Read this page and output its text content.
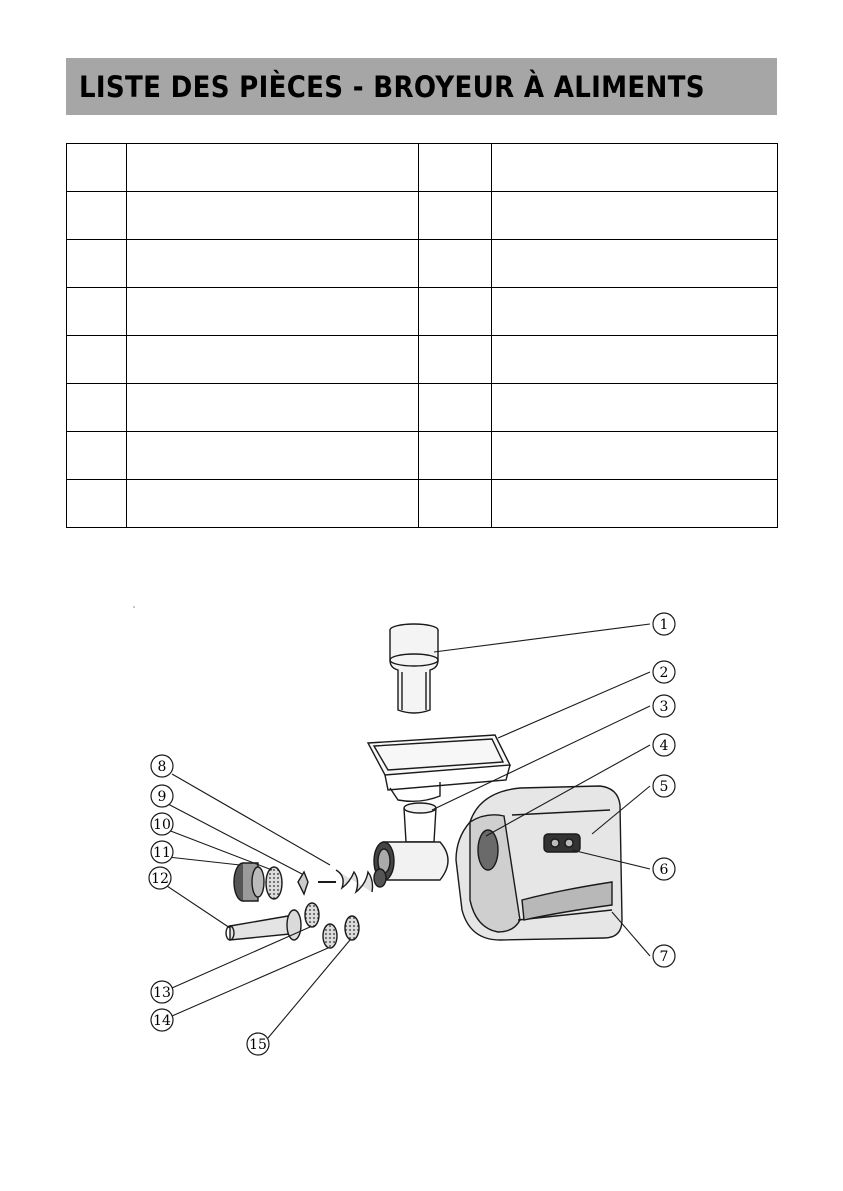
LISTE DES PIÈCES - BROYEUR À ALIMENTS

1
2
3
4
5
6
7
8
9
10
11
12
13
14
15
